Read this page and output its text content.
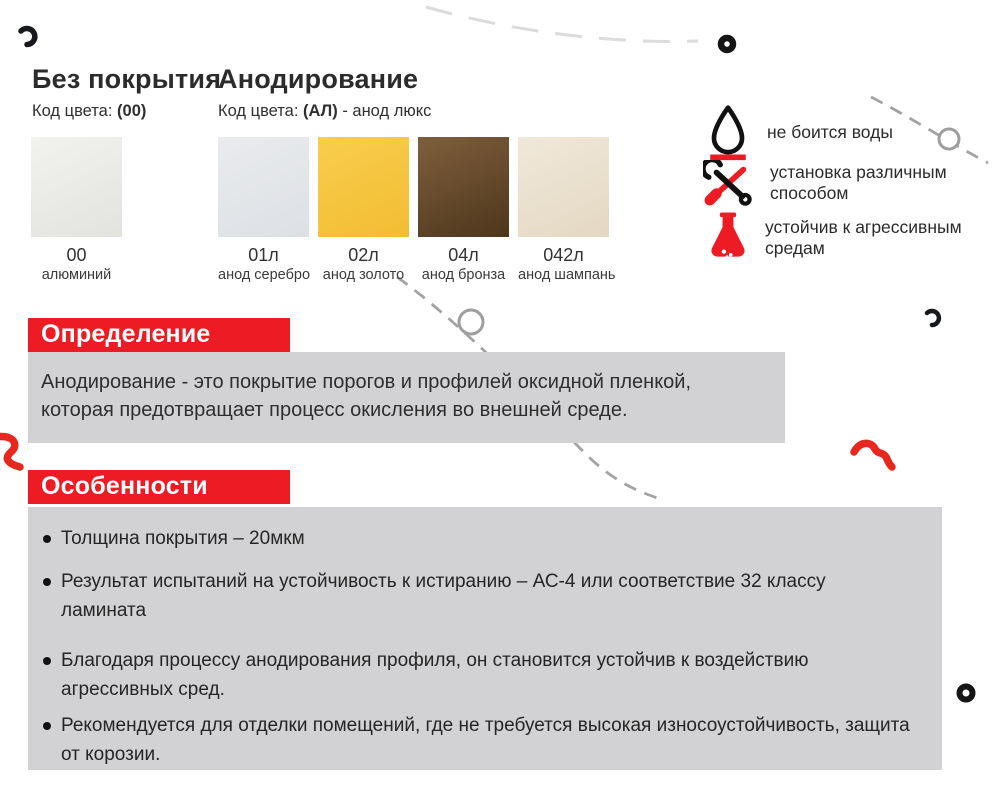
Без покрытия
Код цвета: (00)
Анодирование
Код цвета: (АЛ) - анод люкс
00
алюминий
01л
анод серебро
02л
анод золото
04л
анод бронза
042л
анод шампань
не боится воды
установка различным способом
устойчив к агрессивным средам
Определение
Анодирование - это покрытие порогов и профилей оксидной пленкой,
которая предотвращает процесс окисления во внешней среде.
Особенности
Толщина покрытия – 20мкм
Результат испытаний на устойчивость к истиранию – АС-4 или соответствие 32 классу ламината
Благодаря процессу анодирования профиля, он становится устойчив к воздействию агрессивных сред.
Рекомендуется для отделки помещений, где не требуется высокая износоустойчивость, защита от корозии.
